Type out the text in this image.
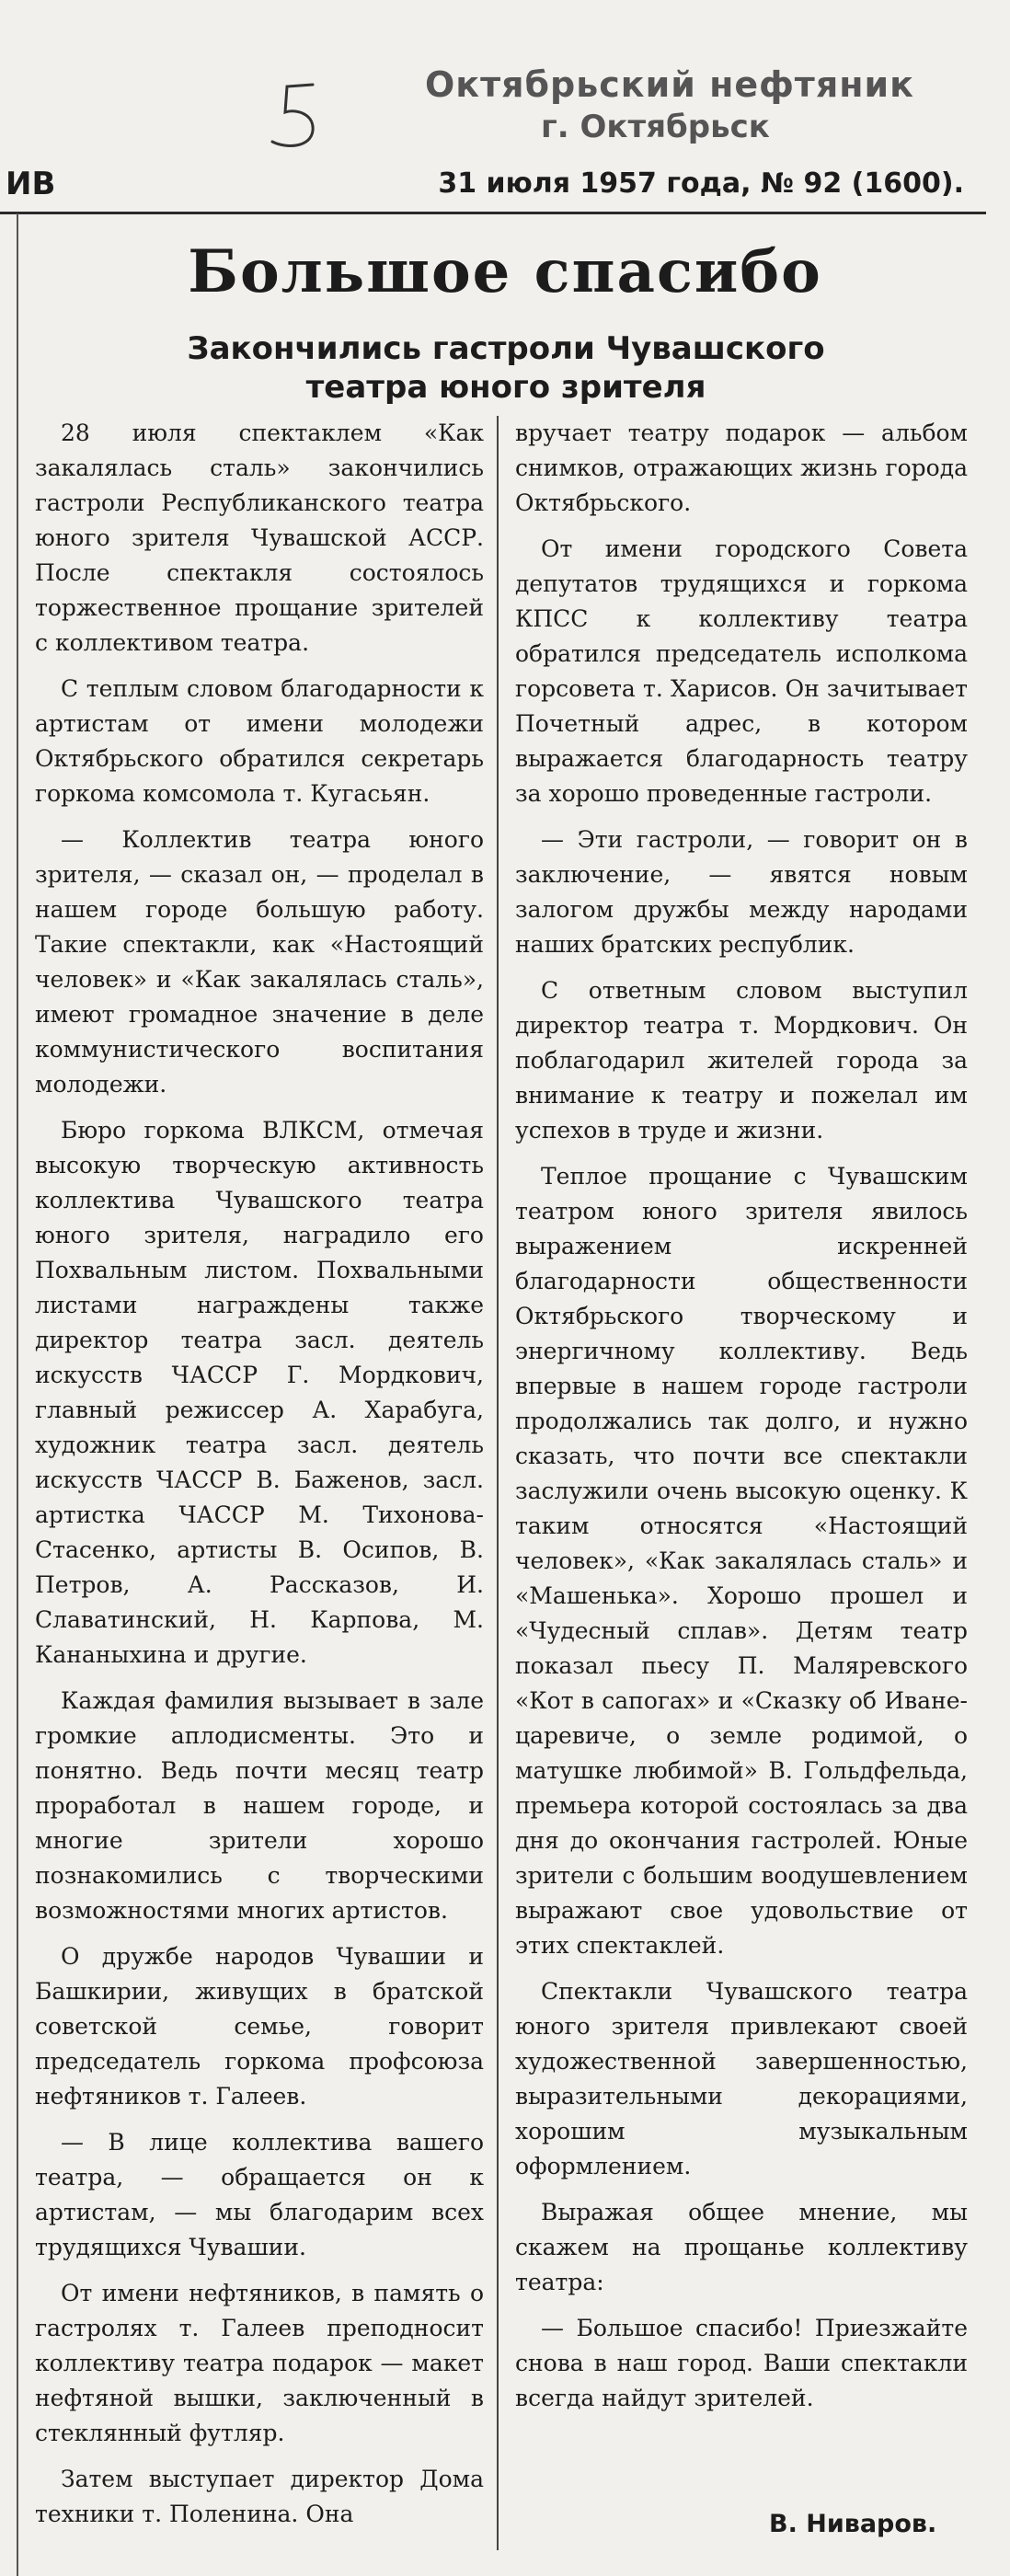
Октябрьский нефтяник
г. Октябрьск
ИВ	31 июля 1957 года, № 92 (1600).
Большое спасибо
Закончились гастроли Чувашского театра юного зрителя

28 июля спектаклем «Как закалялась сталь» закончились гастроли Республиканского театра юного зрителя Чувашской АССР. После спектакля состоялось торжественное прощание зрителей с коллективом театра.

С теплым словом благодарности к артистам от имени молодежи Октябрьского обратился секретарь горкома комсомола т. Кугасьян.

— Коллектив театра юного зрителя, — сказал он, — проделал в нашем городе большую работу. Такие спектакли, как «Настоящий человек» и «Как закалялась сталь», имеют громадное значение в деле коммунистического воспитания молодежи.

Бюро горкома ВЛКСМ, отмечая высокую творческую активность коллектива Чувашского театра юного зрителя, наградило его Похвальным листом. Похвальными листами награждены также директор театра засл. деятель искусств ЧАССР Г. Мордкович, главный режиссер А. Харабуга, художник театра засл. деятель искусств ЧАССР В. Баженов, засл. артистка ЧАССР М. Тихонова-Стасенко, артисты В. Осипов, В. Петров, А. Рассказов, И. Славатинский, Н. Карпова, М. Кананыхина и другие.

Каждая фамилия вызывает в зале громкие аплодисменты. Это и понятно. Ведь почти месяц театр проработал в нашем городе, и многие зрители хорошо познакомились с творческими возможностями многих артистов.

О дружбе народов Чувашии и Башкирии, живущих в братской советской семье, говорит председатель горкома профсоюза нефтяников т. Галеев.

— В лице коллектива вашего театра, — обращается он к артистам, — мы благодарим всех трудящихся Чувашии.

От имени нефтяников, в память о гастролях т. Галеев преподносит коллективу театра подарок — макет нефтяной вышки, заключенный в стеклянный футляр.

Затем выступает директор Дома техники т. Поленина. Она

вручает театру подарок — альбом снимков, отражающих жизнь города Октябрьского.

От имени городского Совета депутатов трудящихся и горкома КПСС к коллективу театра обратился председатель исполкома горсовета т. Харисов. Он зачитывает Почетный адрес, в котором выражается благодарность театру за хорошо проведенные гастроли.

— Эти гастроли, — говорит он в заключение, — явятся новым залогом дружбы между народами наших братских республик.

С ответным словом выступил директор театра т. Мордкович. Он поблагодарил жителей города за внимание к театру и пожелал им успехов в труде и жизни.

Теплое прощание с Чувашским театром юного зрителя явилось выражением искренней благодарности общественности Октябрьского творческому и энергичному коллективу. Ведь впервые в нашем городе гастроли продолжались так долго, и нужно сказать, что почти все спектакли заслужили очень высокую оценку. К таким относятся «Настоящий человек», «Как закалялась сталь» и «Машенька». Хорошо прошел и «Чудесный сплав». Детям театр показал пьесу П. Маляревского «Кот в сапогах» и «Сказку об Иване-царевиче, о земле родимой, о матушке любимой» В. Гольдфельда, премьера которой состоялась за два дня до окончания гастролей. Юные зрители с большим воодушевлением выражают свое удовольствие от этих спектаклей.

Спектакли Чувашского театра юного зрителя привлекают своей художественной завершенностью, выразительными декорациями, хорошим музыкальным оформлением.

Выражая общее мнение, мы скажем на прощанье коллективу театра:

— Большое спасибо! Приезжайте снова в наш город. Ваши спектакли всегда найдут зрителей.

В. Ниваров.
